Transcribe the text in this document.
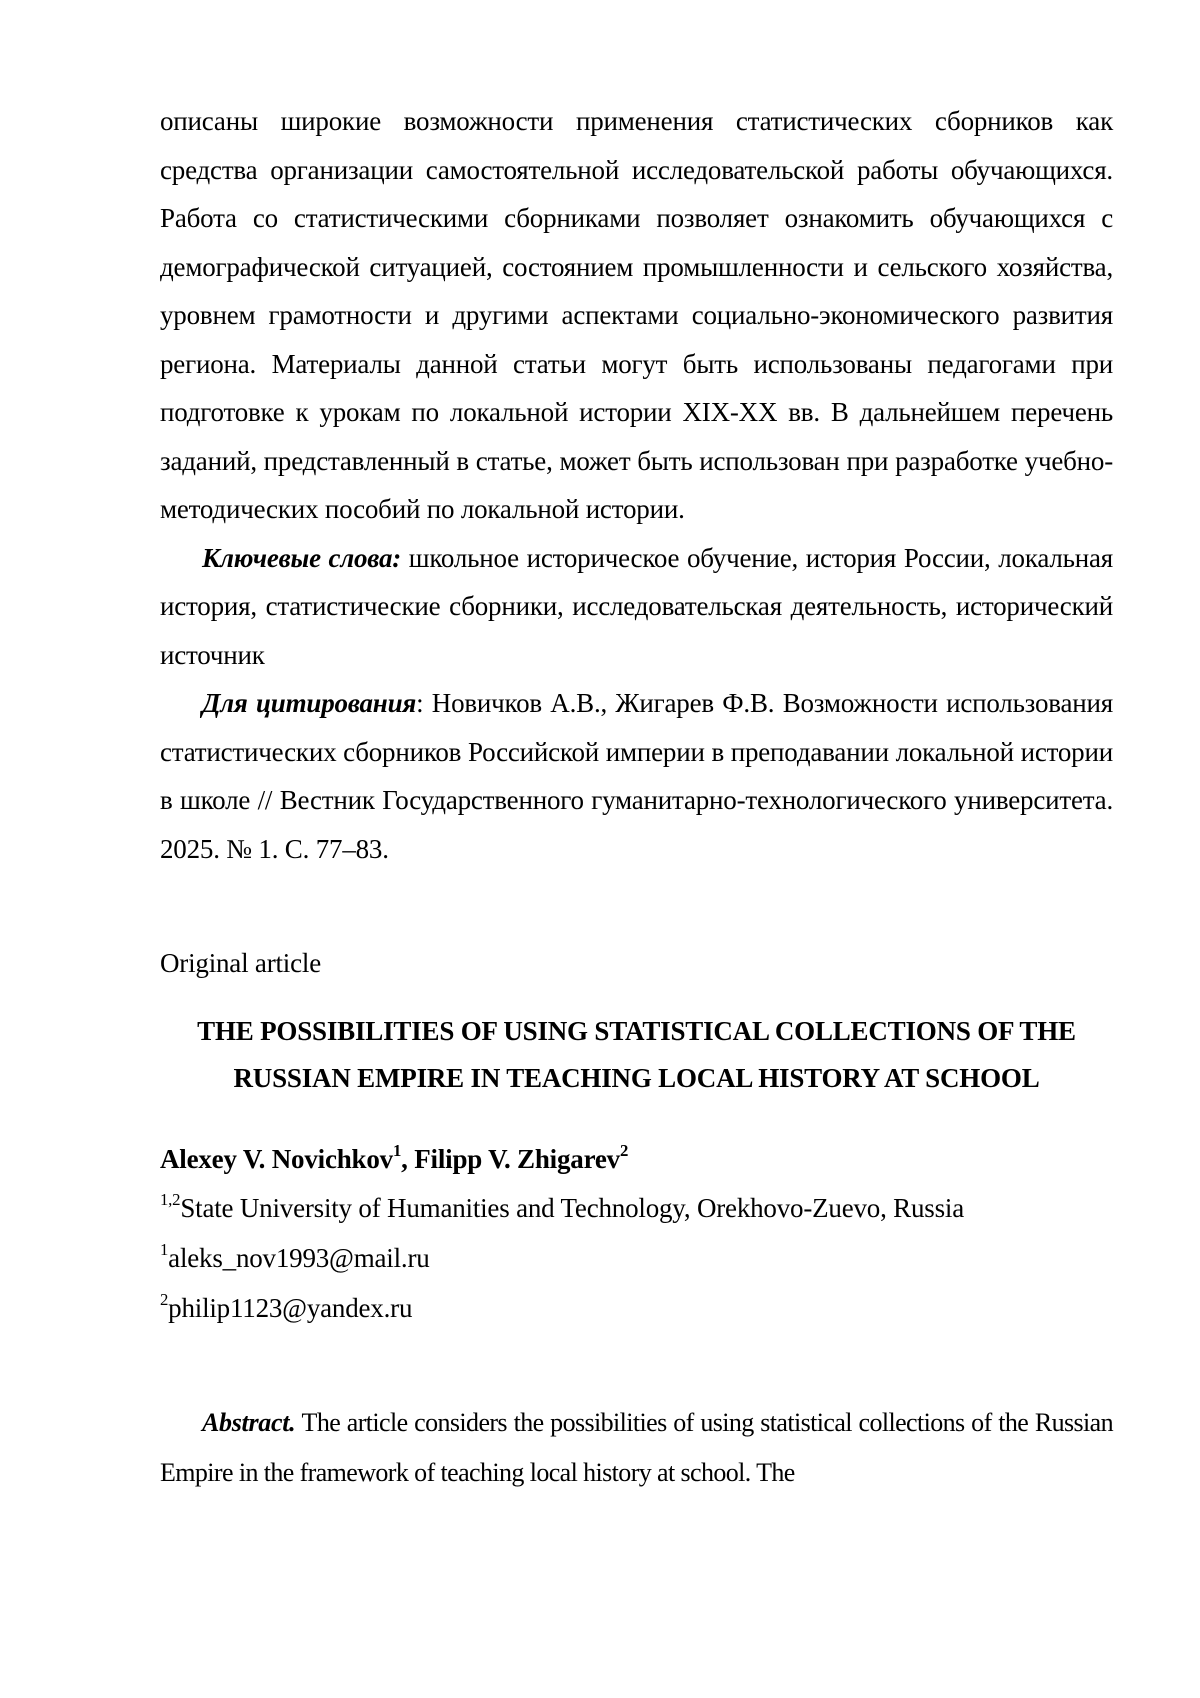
описаны широкие возможности применения статистических сборников как средства организации самостоятельной исследовательской работы обучающихся. Работа со статистическими сборниками позволяет ознакомить обучающихся с демографической ситуацией, состоянием промышленности и сельского хозяйства, уровнем грамотности и другими аспектами социально-экономического развития региона. Материалы данной статьи могут быть использованы педагогами при подготовке к урокам по локальной истории XIX-XX вв. В дальнейшем перечень заданий, представленный в статье, может быть использован при разработке учебно-методических пособий по локальной истории.

Ключевые слова: школьное историческое обучение, история России, локальная история, статистические сборники, исследовательская деятельность, исторический источник

Для цитирования: Новичков А.В., Жигарев Ф.В. Возможности использования статистических сборников Российской империи в преподавании локальной истории в школе // Вестник Государственного гуманитарно-технологического университета. 2025. № 1. С. 77–83.

Original article

THE POSSIBILITIES OF USING STATISTICAL COLLECTIONS OF THE
RUSSIAN EMPIRE IN TEACHING LOCAL HISTORY AT SCHOOL

Alexey V. Novichkov$^1$, Filipp V. Zhigarev$^2$

$^{1,2}$State University of Humanities and Technology, Orekhovo-Zuevo, Russia

$^1$aleks_nov1993@mail.ru

$^2$philip1123@yandex.ru

Abstract. The article considers the possibilities of using statistical collections of the Russian Empire in the framework of teaching local history at school. The
